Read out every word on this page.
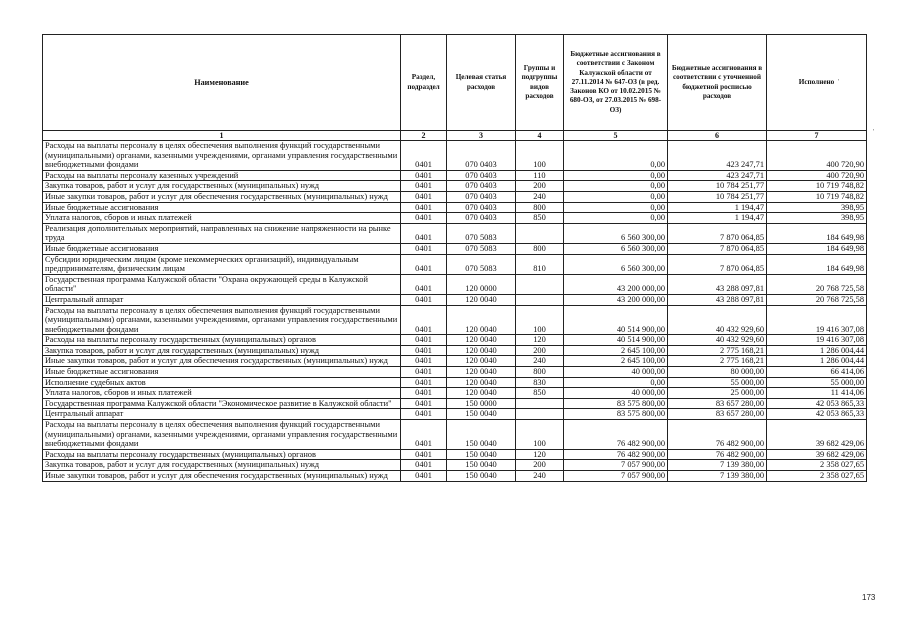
Наименование	Раздел, подраздел	Целевая статья расходов	Группы и подгруппы видов расходов	Бюджетные ассигнования в соответствии с Законом Калужской области от 27.11.2014 № 647-ОЗ (в ред. Законов КО от 10.02.2015 № 680-ОЗ, от 27.03.2015 № 698-ОЗ)	Бюджетные ассигнования в соответствии с уточненной бюджетной росписью расходов	Исполнено
1	2	3	4	5	6	7
Расходы на выплаты персоналу в целях обеспечения выполнения функций государственными (муниципальными) органами, казенными учреждениями, органами управления государственными внебюджетными фондами	0401	070 0403	100	0,00	423 247,71	400 720,90
Расходы на выплаты персоналу казенных учреждений	0401	070 0403	110	0,00	423 247,71	400 720,90
Закупка товаров, работ и услуг для государственных (муниципальных) нужд	0401	070 0403	200	0,00	10 784 251,77	10 719 748,82
Иные закупки товаров, работ и услуг для обеспечения государственных (муниципальных) нужд	0401	070 0403	240	0,00	10 784 251,77	10 719 748,82
Иные бюджетные ассигнования	0401	070 0403	800	0,00	1 194,47	398,95
Уплата налогов, сборов и иных платежей	0401	070 0403	850	0,00	1 194,47	398,95
Реализация дополнительных мероприятий, направленных на снижение напряженности на рынке труда	0401	070 5083		6 560 300,00	7 870 064,85	184 649,98
Иные бюджетные ассигнования	0401	070 5083	800	6 560 300,00	7 870 064,85	184 649,98
Субсидии юридическим лицам (кроме некоммерческих организаций), индивидуальным предпринимателям, физическим лицам	0401	070 5083	810	6 560 300,00	7 870 064,85	184 649,98
Государственная программа Калужской области "Охрана окружающей среды в Калужской области"	0401	120 0000		43 200 000,00	43 288 097,81	20 768 725,58
Центральный аппарат	0401	120 0040		43 200 000,00	43 288 097,81	20 768 725,58
Расходы на выплаты персоналу в целях обеспечения выполнения функций государственными (муниципальными) органами, казенными учреждениями, органами управления государственными внебюджетными фондами	0401	120 0040	100	40 514 900,00	40 432 929,60	19 416 307,08
Расходы на выплаты персоналу государственных (муниципальных) органов	0401	120 0040	120	40 514 900,00	40 432 929,60	19 416 307,08
Закупка товаров, работ и услуг для государственных (муниципальных) нужд	0401	120 0040	200	2 645 100,00	2 775 168,21	1 286 004,44
Иные закупки товаров, работ и услуг для обеспечения государственных (муниципальных) нужд	0401	120 0040	240	2 645 100,00	2 775 168,21	1 286 004,44
Иные бюджетные ассигнования	0401	120 0040	800	40 000,00	80 000,00	66 414,06
Исполнение судебных актов	0401	120 0040	830	0,00	55 000,00	55 000,00
Уплата налогов, сборов и иных платежей	0401	120 0040	850	40 000,00	25 000,00	11 414,06
Государственная программа Калужской области "Экономическое развитие в Калужской области"	0401	150 0000		83 575 800,00	83 657 280,00	42 053 865,33
Центральный аппарат	0401	150 0040		83 575 800,00	83 657 280,00	42 053 865,33
Расходы на выплаты персоналу в целях обеспечения выполнения функций государственными (муниципальными) органами, казенными учреждениями, органами управления государственными внебюджетными фондами	0401	150 0040	100	76 482 900,00	76 482 900,00	39 682 429,06
Расходы на выплаты персоналу государственных (муниципальных) органов	0401	150 0040	120	76 482 900,00	76 482 900,00	39 682 429,06
Закупка товаров, работ и услуг для государственных (муниципальных) нужд	0401	150 0040	200	7 057 900,00	7 139 380,00	2 358 027,65
Иные закупки товаров, работ и услуг для обеспечения государственных (муниципальных) нужд	0401	150 0040	240	7 057 900,00	7 139 380,00	2 358 027,65
173
'
'
